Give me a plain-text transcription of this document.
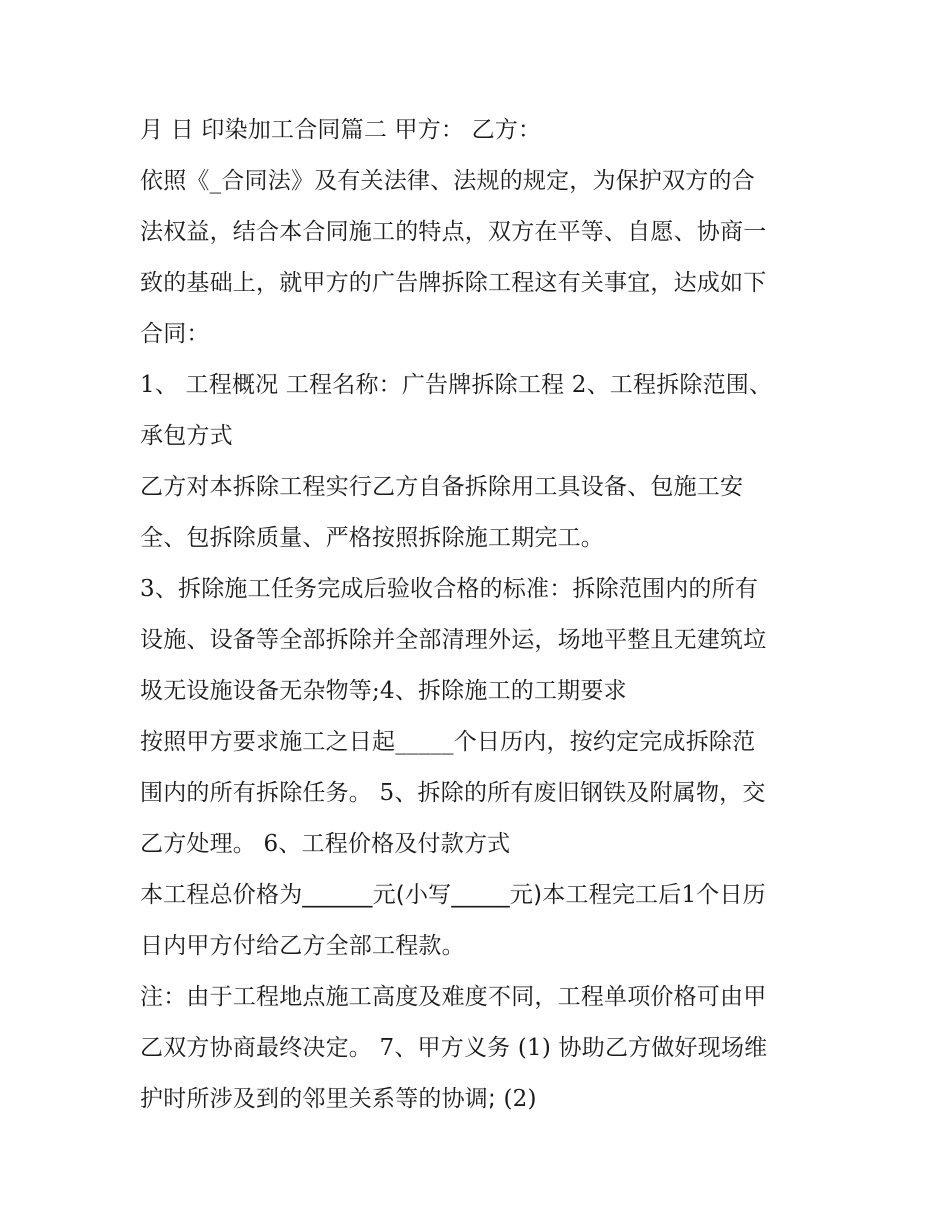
月 日 印染加工合同篇二 甲方： 乙方：
依照《_合同法》及有关法律、法规的规定，为保护双方的合
法权益，结合本合同施工的特点，双方在平等、自愿、协商一
致的基础上，就甲方的广告牌拆除工程这有关事宜，达成如下
合同：
1、 工程概况 工程名称：广告牌拆除工程 2、工程拆除范围、
承包方式
乙方对本拆除工程实行乙方自备拆除用工具设备、包施工安
全、包拆除质量、严格按照拆除施工期完工。
3、拆除施工任务完成后验收合格的标准：拆除范围内的所有
设施、设备等全部拆除并全部清理外运，场地平整且无建筑垃
圾无设施设备无杂物等;4、拆除施工的工期要求
按照甲方要求施工之日起_____个日历内，按约定完成拆除范
围内的所有拆除任务。 5、拆除的所有废旧钢铁及附属物，交
乙方处理。 6、工程价格及付款方式
本工程总价格为______元(小写_____元)本工程完工后1个日历
日内甲方付给乙方全部工程款。
注：由于工程地点施工高度及难度不同，工程单项价格可由甲
乙双方协商最终决定。 7、甲方义务 (1) 协助乙方做好现场维
护时所涉及到的邻里关系等的协调; (2)
